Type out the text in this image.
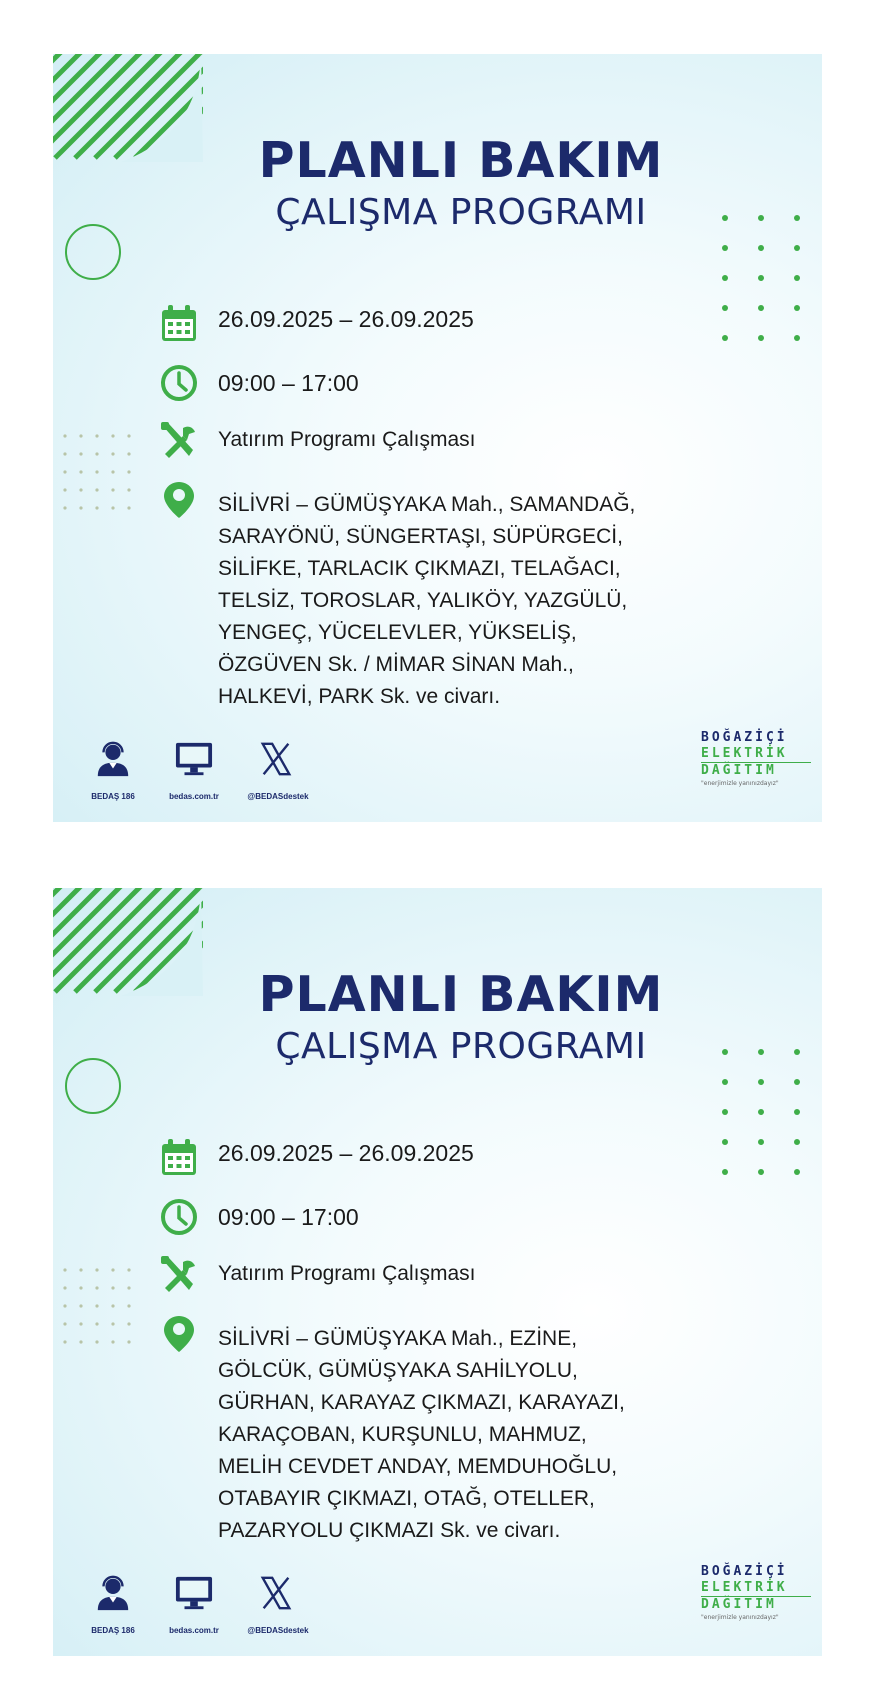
PLANLI BAKIM
ÇALIŞMA PROGRAMI
26.09.2025 – 26.09.2025
09:00 – 17:00
Yatırım Programı Çalışması
SİLİVRİ – GÜMÜŞYAKA Mah., SAMANDAĞ,
SARAYÖNÜ, SÜNGERTAŞI, SÜPÜRGECİ,
SİLİFKE, TARLACIK ÇIKMAZI, TELAĞACI,
TELSİZ, TOROSLAR, YALIKÖY, YAZGÜLÜ,
YENGEÇ, YÜCELEVLER, YÜKSELİŞ,
ÖZGÜVEN Sk. / MİMAR SİNAN Mah.,
HALKEVİ, PARK Sk. ve civarı.
BEDAŞ 186	bedas.com.tr	@BEDASdestek
BOĞAZİÇİ
ELEKTRİK
DAĞITIM
"enerjimizle yanınızdayız"
PLANLI BAKIM
ÇALIŞMA PROGRAMI
26.09.2025 – 26.09.2025
09:00 – 17:00
Yatırım Programı Çalışması
SİLİVRİ – GÜMÜŞYAKA Mah., EZİNE,
GÖLCÜK, GÜMÜŞYAKA SAHİLYOLU,
GÜRHAN, KARAYAZ ÇIKMAZI, KARAYAZI,
KARAÇOBAN, KURŞUNLU, MAHMUZ,
MELİH CEVDET ANDAY, MEMDUHOĞLU,
OTABAYIR ÇIKMAZI, OTAĞ, OTELLER,
PAZARYOLU ÇIKMAZI Sk. ve civarı.
BEDAŞ 186	bedas.com.tr	@BEDASdestek
BOĞAZİÇİ
ELEKTRİK
DAĞITIM
"enerjimizle yanınızdayız"
